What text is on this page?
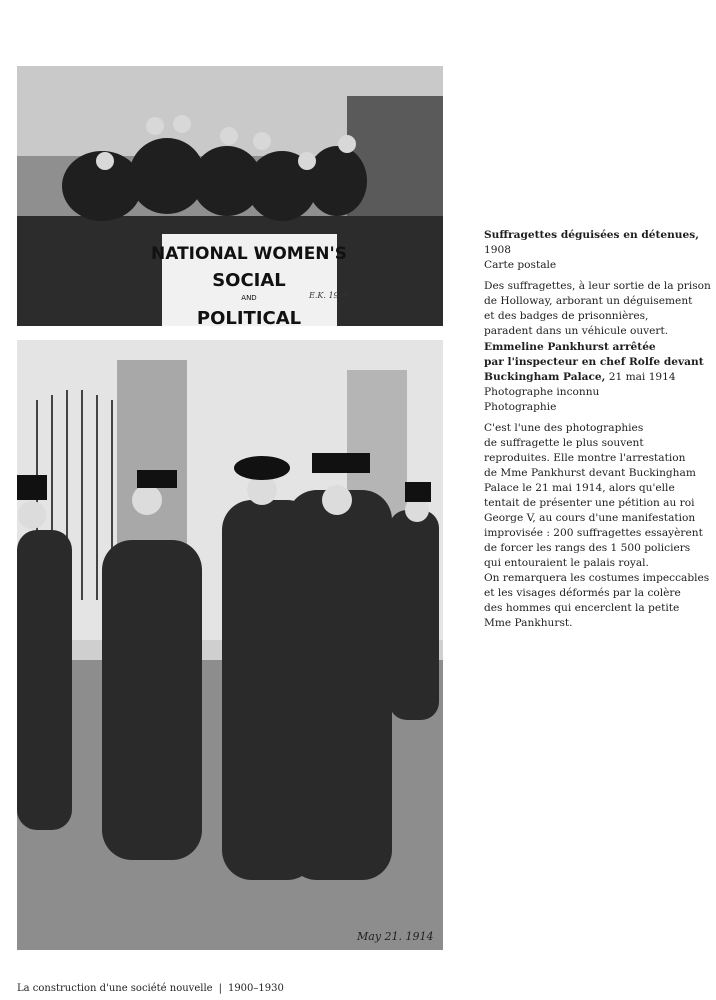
NATIONAL WOMEN'S
SOCIAL
AND
POLITICAL
E.K. 1909
May 21. 1914
Suffragettes déguisées en détenues, 1908
Carte postale
Des suffragettes, à leur sortie de la prison
de Holloway, arborant un déguisement
et des badges de prisonnières,
paradent dans un véhicule ouvert.
Emmeline Pankhurst arrêtée
par l'inspecteur en chef Rolfe devant
Buckingham Palace, 21 mai 1914
Photographe inconnu
Photographie
C'est l'une des photographies
de suffragette le plus souvent
reproduites. Elle montre l'arrestation
de Mme Pankhurst devant Buckingham
Palace le 21 mai 1914, alors qu'elle
tentait de présenter une pétition au roi
George V, au cours d'une manifestation
improvisée : 200 suffragettes essayèrent
de forcer les rangs des 1 500 policiers
qui entouraient le palais royal.
On remarquera les costumes impeccables
et les visages déformés par la colère
des hommes qui encerclent la petite
Mme Pankhurst.
La construction d'une société nouvelle | 1900–1930
